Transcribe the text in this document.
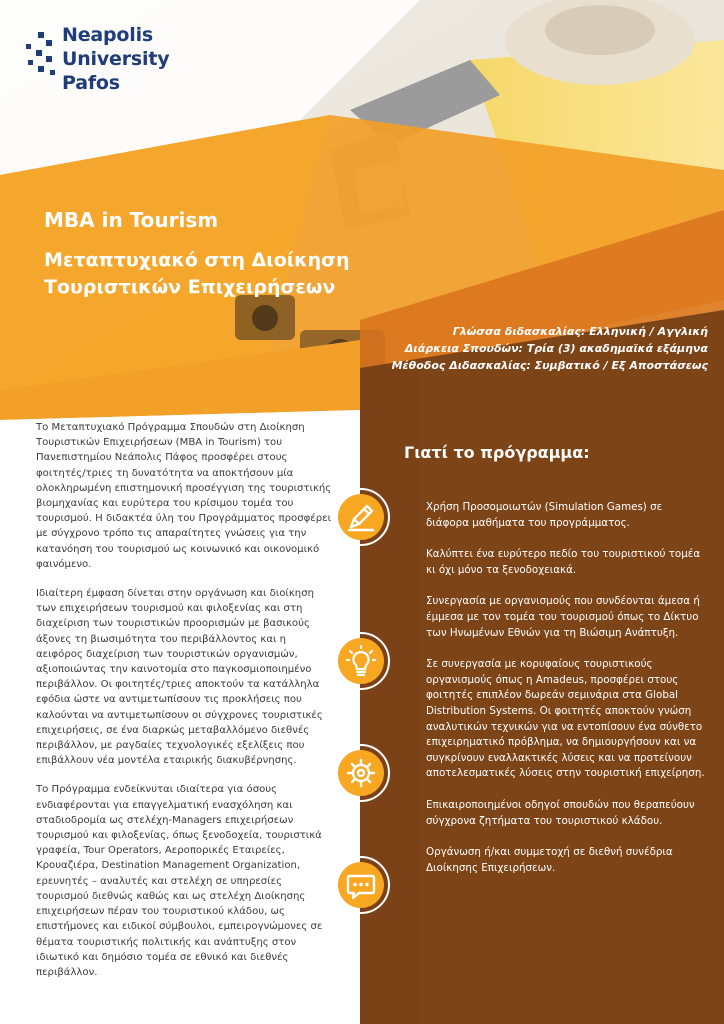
Neapolis
University
Pafos
MBA in Tourism
Μεταπτυχιακό στη Διοίκηση Τουριστικών Επιχειρήσεων
Γλώσσα διδασκαλίας: Ελληνική / Αγγλική
Διάρκεια Σπουδών: Τρία (3) ακαδημαϊκά εξάμηνα
Μέθοδος Διδασκαλίας: Συμβατικό / Εξ Αποστάσεως

Το Μεταπτυχιακό Πρόγραμμα Σπουδών στη Διοίκηση Τουριστικών Επιχειρήσεων (MBA in Tourism) του Πανεπιστημίου Νεάπολις Πάφος προσφέρει στους φοιτητές/τριες τη δυνατότητα να αποκτήσουν μία ολοκληρωμένη επιστημονική προσέγγιση της τουριστικής βιομηχανίας και ευρύτερα του κρίσιμου τομέα του τουρισμού. Η διδακτέα ύλη του Προγράμματος προσφέρει με σύγχρονο τρόπο τις απαραίτητες γνώσεις για την κατανόηση του τουρισμού ως κοινωνικό και οικονομικό φαινόμενο.

Ιδιαίτερη έμφαση δίνεται στην οργάνωση και διοίκηση των επιχειρήσεων τουρισμού και φιλοξενίας και στη διαχείριση των τουριστικών προορισμών με βασικούς άξονες τη βιωσιμότητα του περιβάλλοντος και η αειφόρος διαχείριση των τουριστικών οργανισμών, αξιοποιώντας την καινοτομία στο παγκοσμιοποιημένο περιβάλλον. Οι φοιτητές/τριες αποκτούν τα κατάλληλα εφόδια ώστε να αντιμετωπίσουν τις προκλήσεις που καλούνται να αντιμετωπίσουν οι σύγχρονες τουριστικές επιχειρήσεις, σε ένα διαρκώς μεταβαλλόμενο διεθνές περιβάλλον, με ραγδαίες τεχνολογικές εξελίξεις που επιβάλλουν νέα μοντέλα εταιρικής διακυβέρνησης.

Το Πρόγραμμα ενδείκνυται ιδιαίτερα για όσους ενδιαφέρονται για επαγγελματική ενασχόληση και σταδιοδρομία ως στελέχη-Managers επιχειρήσεων τουρισμού και φιλοξενίας, όπως ξενοδοχεία, τουριστικά γραφεία, Tour Operators, Αεροπορικές Εταιρείες, Κρουαζιέρα, Destination Management Organization, ερευνητές – αναλυτές και στελέχη σε υπηρεσίες τουρισμού διεθνώς καθώς και ως στελέχη Διοίκησης επιχειρήσεων πέραν του τουριστικού κλάδου, ως επιστήμονες και ειδικοί σύμβουλοι, εμπειρογνώμονες σε θέματα τουριστικής πολιτικής και ανάπτυξης στον ιδιωτικό και δημόσιο τομέα σε εθνικό και διεθνές περιβάλλον.

Γιατί το πρόγραμμα:

Χρήση Προσομοιωτών (Simulation Games) σε διάφορα μαθήματα του προγράμματος.

Καλύπτει ένα ευρύτερο πεδίο του τουριστικού τομέα κι όχι μόνο τα ξενοδοχειακά.

Συνεργασία με οργανισμούς που συνδέονται άμεσα ή έμμεσα με τον τομέα του τουρισμού όπως το Δίκτυο των Ηνωμένων Εθνών για τη Βιώσιμη Ανάπτυξη.

Σε συνεργασία με κορυφαίους τουριστικούς οργανισμούς όπως η Amadeus, προσφέρει στους φοιτητές επιπλέον δωρεάν σεμινάρια στα Global Distribution Systems. Οι φοιτητές αποκτούν γνώση αναλυτικών τεχνικών για να εντοπίσουν ένα σύνθετο επιχειρηματικό πρόβλημα, να δημιουργήσουν και να συγκρίνουν εναλλακτικές λύσεις και να προτείνουν αποτελεσματικές λύσεις στην τουριστική επιχείρηση.

Επικαιροποιημένοι οδηγοί σπουδών που θεραπεύουν σύγχρονα ζητήματα του τουριστικού κλάδου.

Οργάνωση ή/και συμμετοχή σε διεθνή συνέδρια Διοίκησης Επιχειρήσεων.
